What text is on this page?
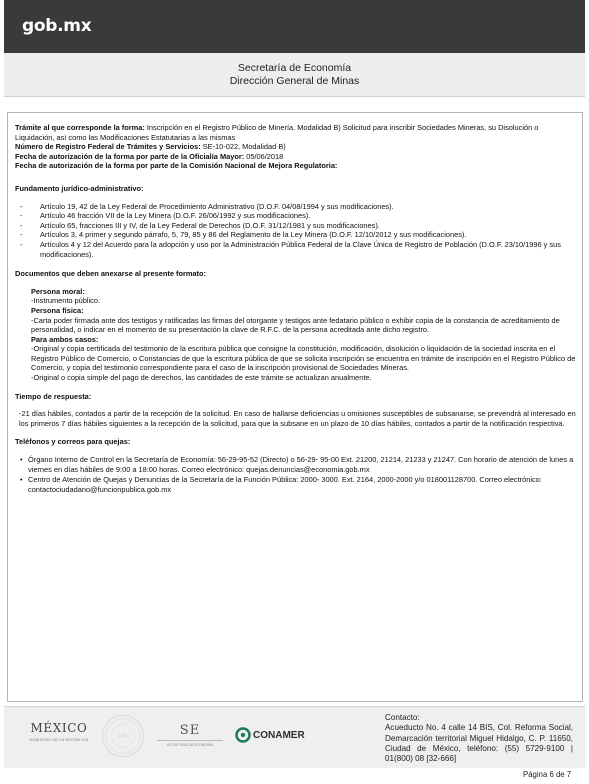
gob.mx
Secretaría de Economía
Dirección General de Minas
Trámite al que corresponde la forma: Inscripción en el Registro Público de Minería. Modalidad B) Solicitud para inscribir Sociedades Mineras, su Disolución o Liquidación, así como las Modificaciones Estatutarias a las mismas
Número de Registro Federal de Trámites y Servicios: SE-10-022, Modalidad B)
Fecha de autorización de la forma por parte de la Oficialía Mayor: 05/06/2018
Fecha de autorización de la forma por parte de la Comisión Nacional de Mejora Regulatoria:
Fundamento jurídico-administrativo:
- Artículo 19, 42 de la Ley Federal de Procedimiento Administrativo (D.O.F. 04/08/1994 y sus modificaciones).
- Artículo 46 fracción VII de la Ley Minera (D.O.F. 26/06/1992 y sus modificaciones).
- Artículo 65, fracciones III y IV, de la Ley Federal de Derechos (D.O.F. 31/12/1981 y sus modificaciones).
- Artículos 3, 4 primer y segundo párrafo, 5, 79, 85 y 86 del Reglamento de la Ley Minera (D.O.F. 12/10/2012 y sus modificaciones).
- Artículos 4 y 12 del Acuerdo para la adopción y uso por la Administración Pública Federal de la Clave Única de Registro de Población (D.O.F. 23/10/1996 y sus modificaciones).
Documentos que deben anexarse al presente formato:
Persona moral:
-Instrumento público.
Persona física:
-Carta poder firmada ante dos testigos y ratificadas las firmas del otorgante y testigos ante fedatario público o exhibir copia de la constancia de acreditamiento de personalidad, o indicar en el momento de su presentación la clave de R.F.C. de la persona acreditada ante dicho registro.
Para ambos casos:
-Original y copia certificada del testimonio de la escritura pública que consigne la constitución, modificación, disolución o liquidación de la sociedad inscrita en el Registro Público de Comercio, o Constancias de que la escritura pública de que se solicita inscripción se encuentra en trámite de inscripción en el Registro Público de Comercio, y copia del testimonio correspondiente para el caso de la inscripción provisional de Sociedades Mineras.
-Original o copia simple del pago de derechos, las cantidades de este trámite se actualizan anualmente.
Tiempo de respuesta:
-21 días hábiles, contados a partir de la recepción de la solicitud. En caso de hallarse deficiencias u omisiones susceptibles de subsanarse, se prevendrá al interesado en los primeros 7 días hábiles siguientes a la recepción de la solicitud, para que la subsane en un plazo de 10 días hábiles, contados a partir de la notificación respectiva.
Teléfonos y correos para quejas:
• Órgano Interno de Control en la Secretaría de Economía: 56-29-95-52 (Directo) o 56-29- 95-00 Ext. 21200, 21214, 21233 y 21247. Con horario de atención de lunes a viernes en días hábiles de 9:00 a 18:00 horas. Correo electrónico: quejas.denuncias@economia.gob.mx
• Centro de Atención de Quejas y Denuncias de la Secretaría de la Función Pública: 2000- 3000. Ext. 2164, 2000-2000 y/o 018001128700. Correo electrónico: contactociudadano@funcionpublica.gob.mx
MÉXICO
GOBIERNO DE LA REPÚBLICA
SE
SECRETARÍA DE ECONOMÍA
CONAMER
Contacto:
Acueducto No. 4 calle 14 BIS, Col. Reforma Social, Demarcación territorial Miguel Hidalgo, C. P. 11650, Ciudad de México, teléfono: (55) 5729-9100 | 01(800) 08 [32-666]
Página 6 de 7
